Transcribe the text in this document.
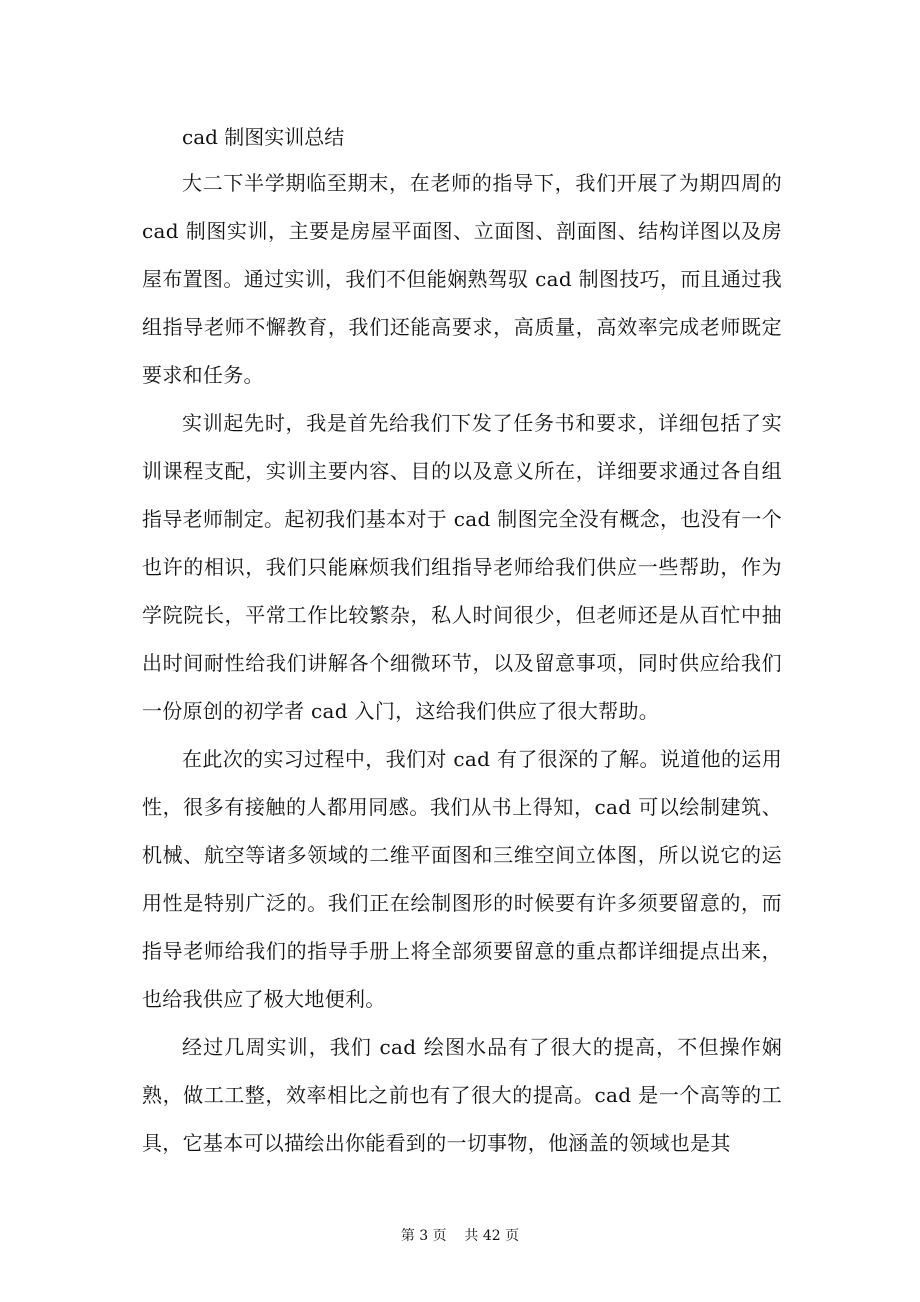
cad 制图实训总结

大二下半学期临至期末，在老师的指导下，我们开展了为期四周的 cad 制图实训，主要是房屋平面图、立面图、剖面图、结构详图以及房屋布置图。通过实训，我们不但能娴熟驾驭 cad 制图技巧，而且通过我组指导老师不懈教育，我们还能高要求，高质量，高效率完成老师既定要求和任务。

实训起先时，我是首先给我们下发了任务书和要求，详细包括了实训课程支配，实训主要内容、目的以及意义所在，详细要求通过各自组指导老师制定。起初我们基本对于 cad 制图完全没有概念，也没有一个也许的相识，我们只能麻烦我们组指导老师给我们供应一些帮助，作为学院院长，平常工作比较繁杂，私人时间很少，但老师还是从百忙中抽出时间耐性给我们讲解各个细微环节，以及留意事项，同时供应给我们一份原创的初学者 cad 入门，这给我们供应了很大帮助。

在此次的实习过程中，我们对 cad 有了很深的了解。说道他的运用性，很多有接触的人都用同感。我们从书上得知，cad 可以绘制建筑、机械、航空等诸多领域的二维平面图和三维空间立体图，所以说它的运用性是特别广泛的。我们正在绘制图形的时候要有许多须要留意的，而指导老师给我们的指导手册上将全部须要留意的重点都详细提点出来，也给我供应了极大地便利。

经过几周实训，我们 cad 绘图水品有了很大的提高，不但操作娴熟，做工工整，效率相比之前也有了很大的提高。cad 是一个高等的工具，它基本可以描绘出你能看到的一切事物，他涵盖的领域也是其

第 3 页    共 42 页
